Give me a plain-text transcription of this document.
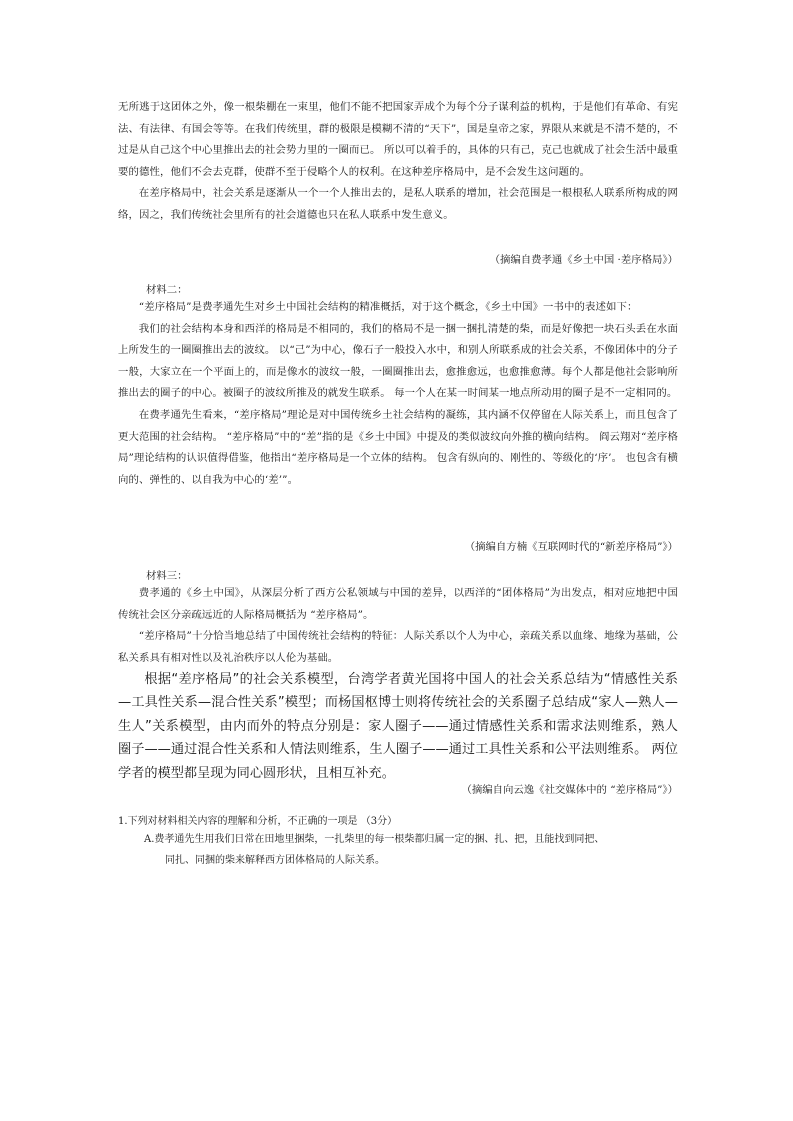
无所逃于这团体之外，像一根柴棚在一束里，他们不能不把国家弄成个为每个分子谋利益的机构，于是他们有革命、有宪法、有法律、有国会等等。在我们传统里，群的极限是模糊不清的“天下”，国是皇帝之家，界限从来就是不清不楚的，不过是从自己这个中心里推出去的社会势力里的一圈而已。 所以可以着手的，具体的只有己，克己也就成了社会生活中最重要的德性，他们不会去克群，使群不至于侵略个人的权利。在这种差序格局中，是不会发生这问题的。

在差序格局中，社会关系是逐渐从一个一个人推出去的，是私人联系的增加，社会范围是一根根私人联系所构成的网络，因之，我们传统社会里所有的社会道德也只在私人联系中发生意义。

（摘编自费孝通《乡土中国 ·差序格局》）
材料二：

“差序格局”是费孝通先生对乡土中国社会结构的精准概括，对于这个概念，《乡土中国》一书中的表述如下：

我们的社会结构本身和西洋的格局是不相同的，我们的格局不是一捆一捆扎清楚的柴，而是好像把一块石头丢在水面上所发生的一圈圈推出去的波纹。 以“己”为中心，像石子一般投入水中，和别人所联系成的社会关系，不像团体中的分子一般，大家立在一个平面上的，而是像水的波纹一般，一圈圈推出去，愈推愈远，也愈推愈薄。每个人都是他社会影响所推出去的圈子的中心。被圈子的波纹所推及的就发生联系。 每一个人在某一时间某一地点所动用的圈子是不一定相同的。

在费孝通先生看来，“差序格局”理论是对中国传统乡土社会结构的凝练，其内涵不仅停留在人际关系上，而且包含了更大范围的社会结构。 “差序格局”中的“差”指的是《乡土中国》中提及的类似波纹向外推的横向结构。 阎云翔对“差序格局”理论结构的认识值得借鉴，他指出“差序格局是一个立体的结构。 包含有纵向的、刚性的、等级化的‘序’。 也包含有横向的、弹性的、以自我为中心的‘差’”。

（摘编自方楠《互联网时代的“新差序格局”》）
材料三：

费孝通的《乡土中国》，从深层分析了西方公私领域与中国的差异，以西洋的“团体格局”为出发点，相对应地把中国传统社会区分亲疏远近的人际格局概括为 “差序格局”。

“差序格局”十分恰当地总结了中国传统社会结构的特征：人际关系以个人为中心，亲疏关系以血缘、地缘为基础，公私关系具有相对性以及礼治秩序以人伦为基础。

根据“差序格局”的社会关系模型，台湾学者黄光国将中国人的社会关系总结为“情感性关系—工具性关系—混合性关系”模型；而杨国枢博士则将传统社会的关系圈子总结成“家人—熟人—生人”关系模型，由内而外的特点分别是：家人圈子——通过情感性关系和需求法则维系，熟人圈子——通过混合性关系和人情法则维系，生人圈子——通过工具性关系和公平法则维系。 两位学者的模型都呈现为同心圆形状，且相互补充。
（摘编自向云逸《社交媒体中的 “差序格局”》）
1.下列对材料相关内容的理解和分析，不正确的一项是 （3分）
A.费孝通先生用我们日常在田地里捆柴，一扎柴里的每一根柴都归属一定的捆、扎、把，且能找到同把、
同扎、同捆的柴来解释西方团体格局的人际关系。
